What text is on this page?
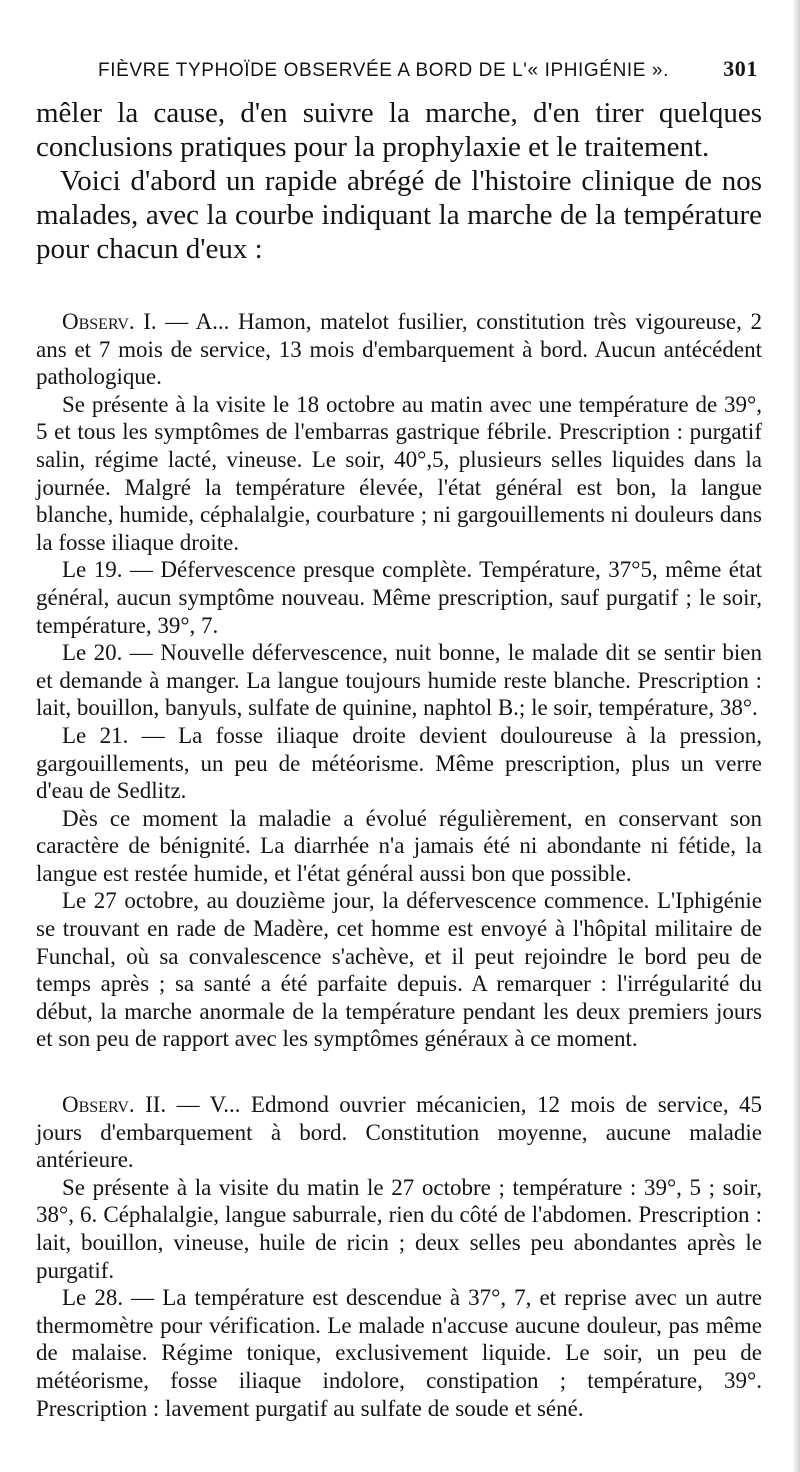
FIÈVRE TYPHOÏDE OBSERVÉE A BORD DE L'« IPHIGÉNIE ». 301

mêler la cause, d'en suivre la marche, d'en tirer quelques conclusions pratiques pour la prophylaxie et le traitement.

Voici d'abord un rapide abrégé de l'histoire clinique de nos malades, avec la courbe indiquant la marche de la température pour chacun d'eux :

Observ. I. — A... Hamon, matelot fusilier, constitution très vigoureuse, 2 ans et 7 mois de service, 13 mois d'embarquement à bord. Aucun antécédent pathologique.

Se présente à la visite le 18 octobre au matin avec une température de 39°, 5 et tous les symptômes de l'embarras gastrique fébrile. Prescription : purgatif salin, régime lacté, vineuse. Le soir, 40°,5, plusieurs selles liquides dans la journée. Malgré la température élevée, l'état général est bon, la langue blanche, humide, céphalalgie, courbature ; ni gargouillements ni douleurs dans la fosse iliaque droite.

Le 19. — Défervescence presque complète. Température, 37°5, même état général, aucun symptôme nouveau. Même prescription, sauf purgatif ; le soir, température, 39°, 7.

Le 20. — Nouvelle défervescence, nuit bonne, le malade dit se sentir bien et demande à manger. La langue toujours humide reste blanche. Prescription : lait, bouillon, banyuls, sulfate de quinine, naphtol B.; le soir, température, 38°.

Le 21. — La fosse iliaque droite devient douloureuse à la pression, gargouillements, un peu de météorisme. Même prescription, plus un verre d'eau de Sedlitz.

Dès ce moment la maladie a évolué régulièrement, en conservant son caractère de bénignité. La diarrhée n'a jamais été ni abondante ni fétide, la langue est restée humide, et l'état général aussi bon que possible.

Le 27 octobre, au douzième jour, la défervescence commence. L'Iphigénie se trouvant en rade de Madère, cet homme est envoyé à l'hôpital militaire de Funchal, où sa convalescence s'achève, et il peut rejoindre le bord peu de temps après ; sa santé a été parfaite depuis. A remarquer : l'irrégularité du début, la marche anormale de la température pendant les deux premiers jours et son peu de rapport avec les symptômes généraux à ce moment.

Observ. II. — V... Edmond ouvrier mécanicien, 12 mois de service, 45 jours d'embarquement à bord. Constitution moyenne, aucune maladie antérieure.

Se présente à la visite du matin le 27 octobre ; température : 39°, 5 ; soir, 38°, 6. Céphalalgie, langue saburrale, rien du côté de l'abdomen. Prescription : lait, bouillon, vineuse, huile de ricin ; deux selles peu abondantes après le purgatif.

Le 28. — La température est descendue à 37°, 7, et reprise avec un autre thermomètre pour vérification. Le malade n'accuse aucune douleur, pas même de malaise. Régime tonique, exclusivement liquide. Le soir, un peu de météorisme, fosse iliaque indolore, constipation ; température, 39°. Prescription : lavement purgatif au sulfate de soude et séné.
